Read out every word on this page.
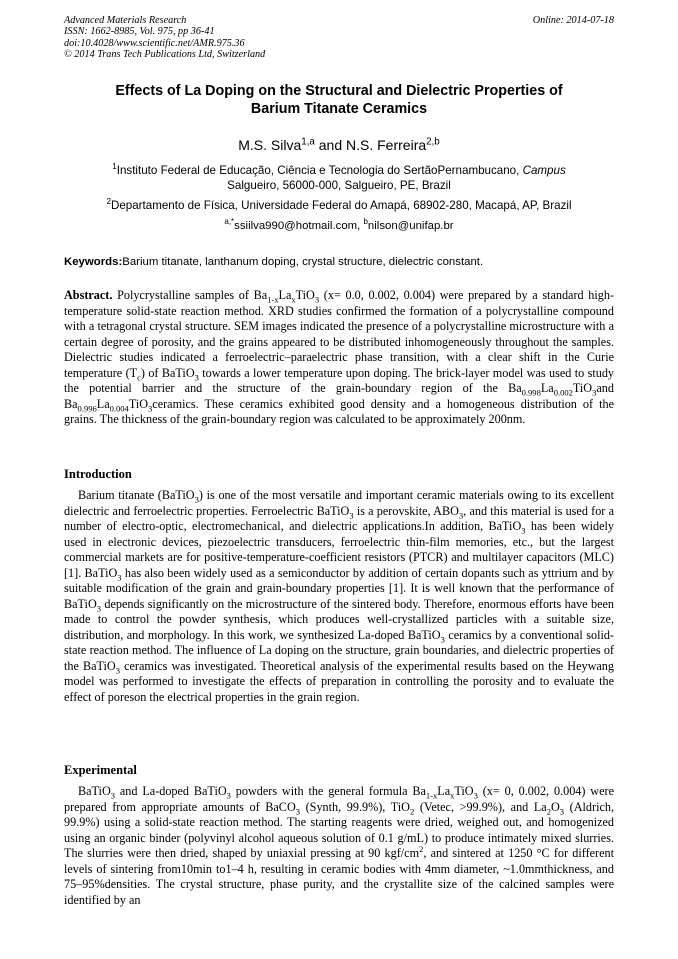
Advanced Materials Research
ISSN: 1662-8985, Vol. 975, pp 36-41
doi:10.4028/www.scientific.net/AMR.975.36
© 2014 Trans Tech Publications Ltd, Switzerland
Online: 2014-07-18
Effects of La Doping on the Structural and Dielectric Properties of
Barium Titanate Ceramics
M.S. Silva$^{1,a}$ and N.S. Ferreira$^{2,b}$
$^1$Instituto Federal de Educação, Ciência e Tecnologia do SertãoPernambucano, Campus
Salgueiro, 56000-000, Salgueiro, PE, Brazil
$^2$Departamento de Física, Universidade Federal do Amapá, 68902-280, Macapá, AP, Brazil
$^{a,*}$ssiilva990@hotmail.com, $^b$nilson@unifap.br
Keywords:Barium titanate, lanthanum doping, crystal structure, dielectric constant.

Abstract. Polycrystalline samples of $Ba_{1-x}La_xTiO_3$ (x= 0.0, 0.002, 0.004) were prepared by a standard high-temperature solid-state reaction method. XRD studies confirmed the formation of a polycrystalline compound with a tetragonal crystal structure. SEM images indicated the presence of a polycrystalline microstructure with a certain degree of porosity, and the grains appeared to be distributed inhomogeneously throughout the samples. Dielectric studies indicated a ferroelectric–paraelectric phase transition, with a clear shift in the Curie temperature $(T_c)$ of BaTiO$_3$ towards a lower temperature upon doping. The brick-layer model was used to study the potential barrier and the structure of the grain-boundary region of the $Ba_{0.998}La_{0.002}TiO_3and$ $Ba_{0.996}La_{0.004}TiO_3ceramics$. These ceramics exhibited good density and a homogeneous distribution of the grains. The thickness of the grain-boundary region was calculated to be approximately 200nm.

Introduction

Barium titanate (BaTiO$_3$) is one of the most versatile and important ceramic materials owing to its excellent dielectric and ferroelectric properties. Ferroelectric BaTiO$_3$ is a perovskite, $ABO_3$, and this material is used for a number of electro-optic, electromechanical, and dielectric applications.In addition, BaTiO$_3$ has been widely used in electronic devices, piezoelectric transducers, ferroelectric thin-film memories, etc., but the largest commercial markets are for positive-temperature-coefficient resistors (PTCR) and multilayer capacitors (MLC) [1]. BaTiO$_3$ has also been widely used as a semiconductor by addition of certain dopants such as yttrium and by suitable modification of the grain and grain-boundary properties [1]. It is well known that the performance of BaTiO$_3$ depends significantly on the microstructure of the sintered body. Therefore, enormous efforts have been made to control the powder synthesis, which produces well-crystallized particles with a suitable size, distribution, and morphology. In this work, we synthesized La-doped BaTiO$_3$ ceramics by a conventional solid-state reaction method. The influence of La doping on the structure, grain boundaries, and dielectric properties of the BaTiO$_3$ ceramics was investigated. Theoretical analysis of the experimental results based on the Heywang model was performed to investigate the effects of preparation in controlling the porosity and to evaluate the effect of poreson the electrical properties in the grain region.

Experimental

BaTiO$_3$ and La-doped BaTiO$_3$ powders with the general formula $Ba_{1-x}La_xTiO_3$ (x= 0, 0.002, 0.004) were prepared from appropriate amounts of BaCO$_3$ (Synth, 99.9%), TiO$_2$ (Vetec, >99.9%), and $La_2O_3$ (Aldrich, 99.9%) using a solid-state reaction method. The starting reagents were dried, weighed out, and homogenized using an organic binder (polyvinyl alcohol aqueous solution of 0.1 g/mL) to produce intimately mixed slurries. The slurries were then dried, shaped by uniaxial pressing at 90 kgf/$cm^2$, and sintered at 1250 °C for different levels of sintering from10min to1–4 h, resulting in ceramic bodies with 4mm diameter, ~1.0mmthickness, and 75–95%densities. The crystal structure, phase purity, and the crystallite size of the calcined samples were identified by an
